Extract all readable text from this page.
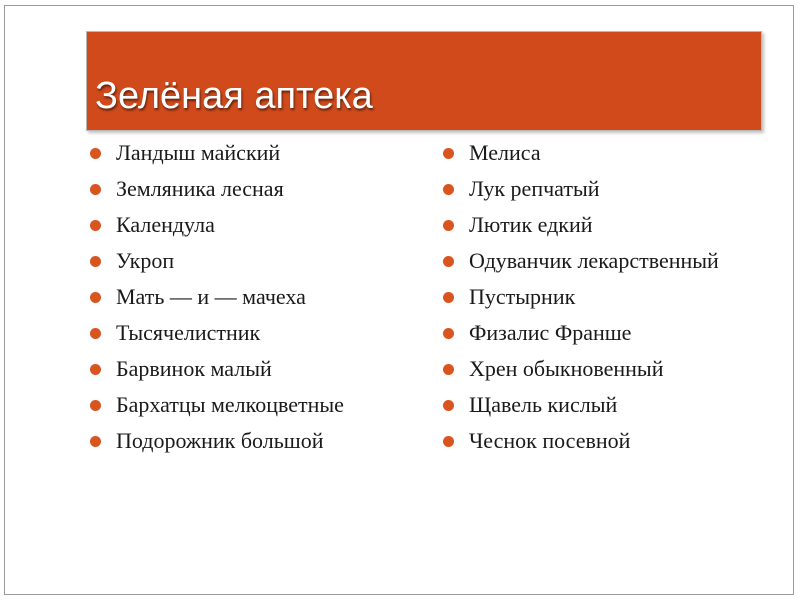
Зелёная аптека
Ландыш майский
Земляника лесная
Календула
Укроп
Мать — и — мачеха
Тысячелистник
Барвинок малый
Бархатцы мелкоцветные
Подорожник большой
Мелиса
Лук репчатый
Лютик едкий
Одуванчик лекарственный
Пустырник
Физалис Франше
Хрен обыкновенный
Щавель кислый
Чеснок посевной
